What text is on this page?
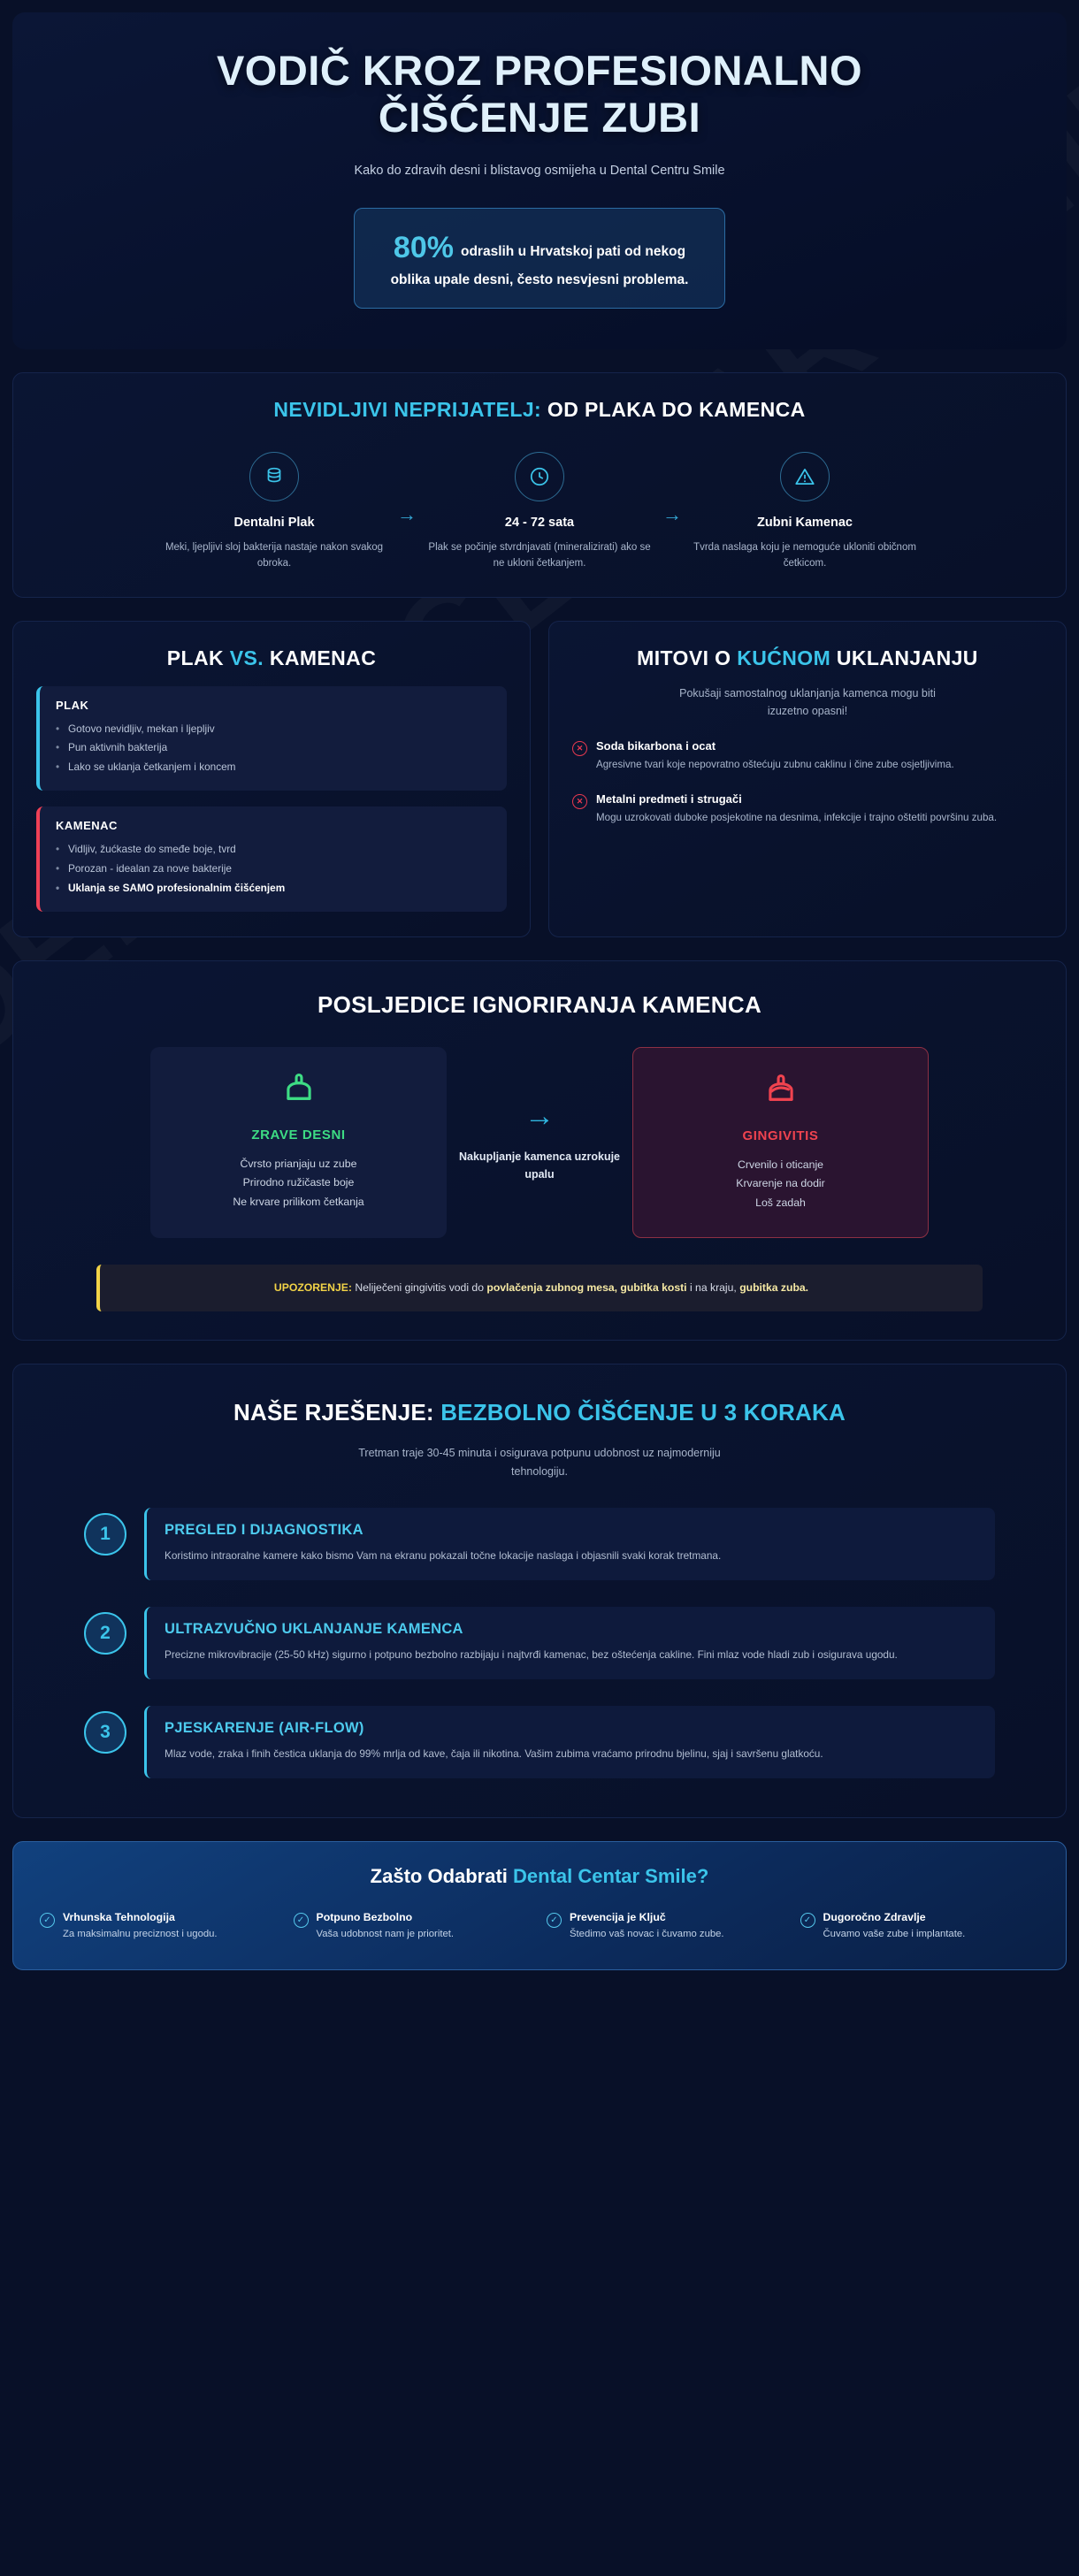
VODIČ KROZ PROFESIONALNO
ČIŠĆENJE ZUBI
Kako do zdravih desni i blistavog osmijeha u Dental Centru Smile
80% odraslih u Hrvatskoj pati od nekog
oblika upale desni, često nesvjesni problema.
NEVIDLJIVI NEPRIJATELJ: OD PLAKA DO KAMENCA
Dentalni Plak
Meki, ljepljivi sloj bakterija nastaje nakon svakog obroka.
→	24 - 72 sata
Plak se počinje stvrdnjavati (mineralizirati) ako se ne ukloni četkanjem.
→	Zubni Kamenac
Tvrda naslaga koju je nemoguće ukloniti običnom četkicom.
PLAK VS. KAMENAC
PLAK
• Gotovo nevidljiv, mekan i ljepljiv
• Pun aktivnih bakterija
• Lako se uklanja četkanjem i koncem
KAMENAC
• Vidljiv, žućkaste do smeđe boje, tvrd
• Porozan - idealan za nove bakterije
• Uklanja se SAMO profesionalnim čišćenjem
MITOVI O KUĆNOM UKLANJANJU
Pokušaji samostalnog uklanjanja kamenca mogu biti izuzetno opasni!
✕	Soda bikarbona i ocat
Agresivne tvari koje nepovratno oštećuju zubnu caklinu i čine zube osjetljivima.
✕	Metalni predmeti i strugači
Mogu uzrokovati duboke posjekotine na desnima, infekcije i trajno oštetiti površinu zuba.
POSLJEDICE IGNORIRANJA KAMENCA
ZRAVE DESNI
Čvrsto prianjaju uz zube
Prirodno ružičaste boje
Ne krvare prilikom četkanja
→
Nakupljanje kamenca uzrokuje upalu
GINGIVITIS
Crvenilo i oticanje
Krvarenje na dodir
Loš zadah
UPOZORENJE: Neliječeni gingivitis vodi do povlačenja zubnog mesa, gubitka kosti i na kraju, gubitka zuba.
NAŠE RJEŠENJE: BEZBOLNO ČIŠĆENJE U 3 KORAKA
Tretman traje 30-45 minuta i osigurava potpunu udobnost uz najmoderniju tehnologiju.
1	PREGLED I DIJAGNOSTIKA

Koristimo intraoralne kamere kako bismo Vam na ekranu pokazali točne lokacije naslaga i objasnili svaki korak tretmana.

2	ULTRAZVUČNO UKLANJANJE KAMENCA

Precizne mikrovibracije (25-50 kHz) sigurno i potpuno bezbolno razbijaju i najtvrđi kamenac, bez oštećenja cakline. Fini mlaz vode hladi zub i osigurava ugodu.

3	PJESKARENJE (AIR-FLOW)

Mlaz vode, zraka i finih čestica uklanja do 99% mrlja od kave, čaja ili nikotina. Vašim zubima vraćamo prirodnu bjelinu, sjaj i savršenu glatkoću.

Zašto Odabrati Dental Centar Smile?
✓	Vrhunska Tehnologija
Za maksimalnu preciznost i ugodu.
✓	Potpuno Bezbolno
Vaša udobnost nam je prioritet.
✓	Prevencija je Ključ
Štedimo vaš novac i čuvamo zube.
✓	Dugoročno Zdravlje
Čuvamo vaše zube i implantate.
